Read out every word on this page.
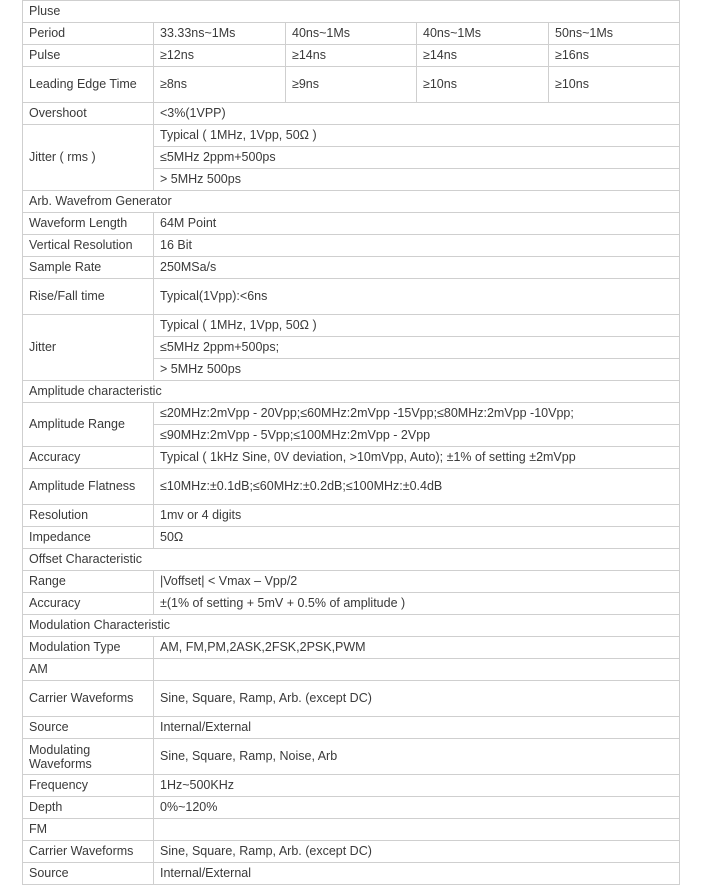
Pluse				
Period	33.33ns~1Ms	40ns~1Ms	40ns~1Ms	50ns~1Ms
Pulse	≥12ns	≥14ns	≥14ns	≥16ns
Leading Edge Time	≥8ns	≥9ns	≥10ns	≥10ns
Overshoot	<3%(1VPP)			
Jitter ( rms )	Typical ( 1MHz, 1Vpp, 50Ω )			
	≤5MHz 2ppm+500ps			
	> 5MHz 500ps			
Arb. Wavefrom Generator				
Waveform Length	64M Point			
Vertical Resolution	16 Bit			
Sample Rate	250MSa/s			
Rise/Fall time	Typical(1Vpp):<6ns			
Jitter	Typical ( 1MHz, 1Vpp, 50Ω )			
	≤5MHz 2ppm+500ps;			
	> 5MHz 500ps			
Amplitude characteristic				
Amplitude Range	≤20MHz:2mVpp - 20Vpp;≤60MHz:2mVpp -15Vpp;≤80MHz:2mVpp -10Vpp;			
	≤90MHz:2mVpp - 5Vpp;≤100MHz:2mVpp - 2Vpp			
Accuracy	Typical ( 1kHz Sine, 0V deviation, >10mVpp, Auto); ±1% of setting ±2mVpp			
Amplitude Flatness	≤10MHz:±0.1dB;≤60MHz:±0.2dB;≤100MHz:±0.4dB			
Resolution	1mv or 4 digits			
Impedance	50Ω			
Offset Characteristic				
Range	|Voffset| < Vmax – Vpp/2			
Accuracy	±(1% of setting + 5mV + 0.5% of amplitude )			
Modulation Characteristic				
Modulation Type	AM, FM,PM,2ASK,2FSK,2PSK,PWM			
AM				
Carrier Waveforms	Sine, Square, Ramp, Arb. (except DC)			
Source	Internal/External			
Modulating Waveforms	Sine, Square, Ramp, Noise, Arb			
Frequency	1Hz~500KHz			
Depth	0%~120%			
FM				
Carrier Waveforms	Sine, Square, Ramp, Arb. (except DC)			
Source	Internal/External			
